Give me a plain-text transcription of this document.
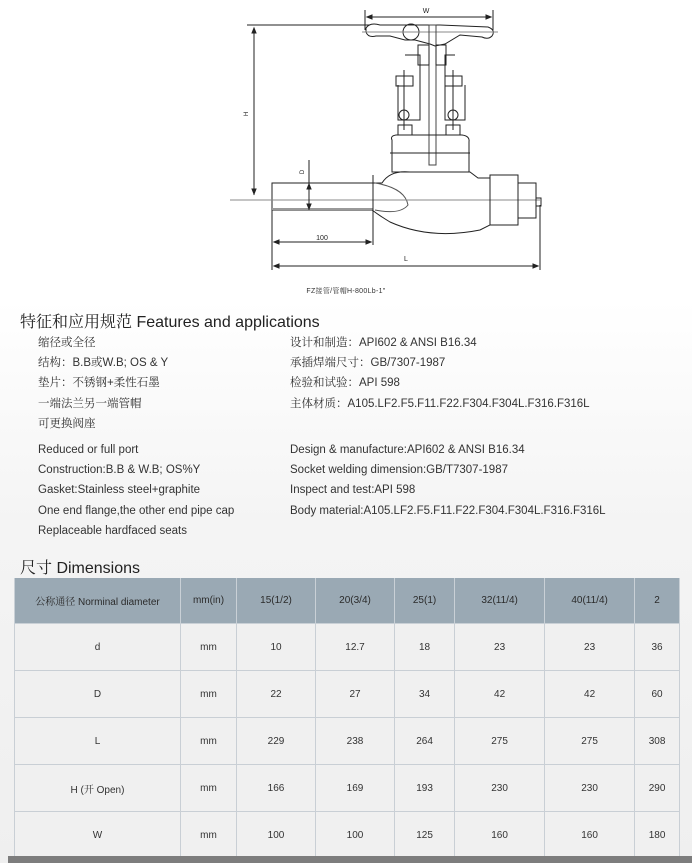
W
H
D
100
L
FZ接管/管帽H-800Lb-1"
特征和应用规范 Features and applications
缩径或全径
结构：B.B或W.B; OS & Y
垫片：不锈钢+柔性石墨
一端法兰另一端管帽
可更换阀座
设计和制造：API602 & ANSI B16.34
承插焊端尺寸：GB/7307-1987
检验和试验：API 598
主体材质：A105.LF2.F5.F11.F22.F304.F304L.F316.F316L
Reduced or full port
Construction:B.B & W.B; OS%Y
Gasket:Stainless steel+graphite
One end flange,the other end pipe cap
Replaceable hardfaced seats
Design & manufacture:API602 & ANSI B16.34
Socket welding dimension:GB/T7307-1987
Inspect and test:API 598
Body material:A105.LF2.F5.F11.F22.F304.F304L.F316.F316L
尺寸 Dimensions
公称通径 Norminal diameter	mm(in)	15(1/2)	20(3/4)	25(1)	32(11/4)	40(11/4)	2
d	mm	10	12.7	18	23	23	36
D	mm	22	27	34	42	42	60
L	mm	229	238	264	275	275	308
H (开 Open)	mm	166	169	193	230	230	290
W	mm	100	100	125	160	160	180
